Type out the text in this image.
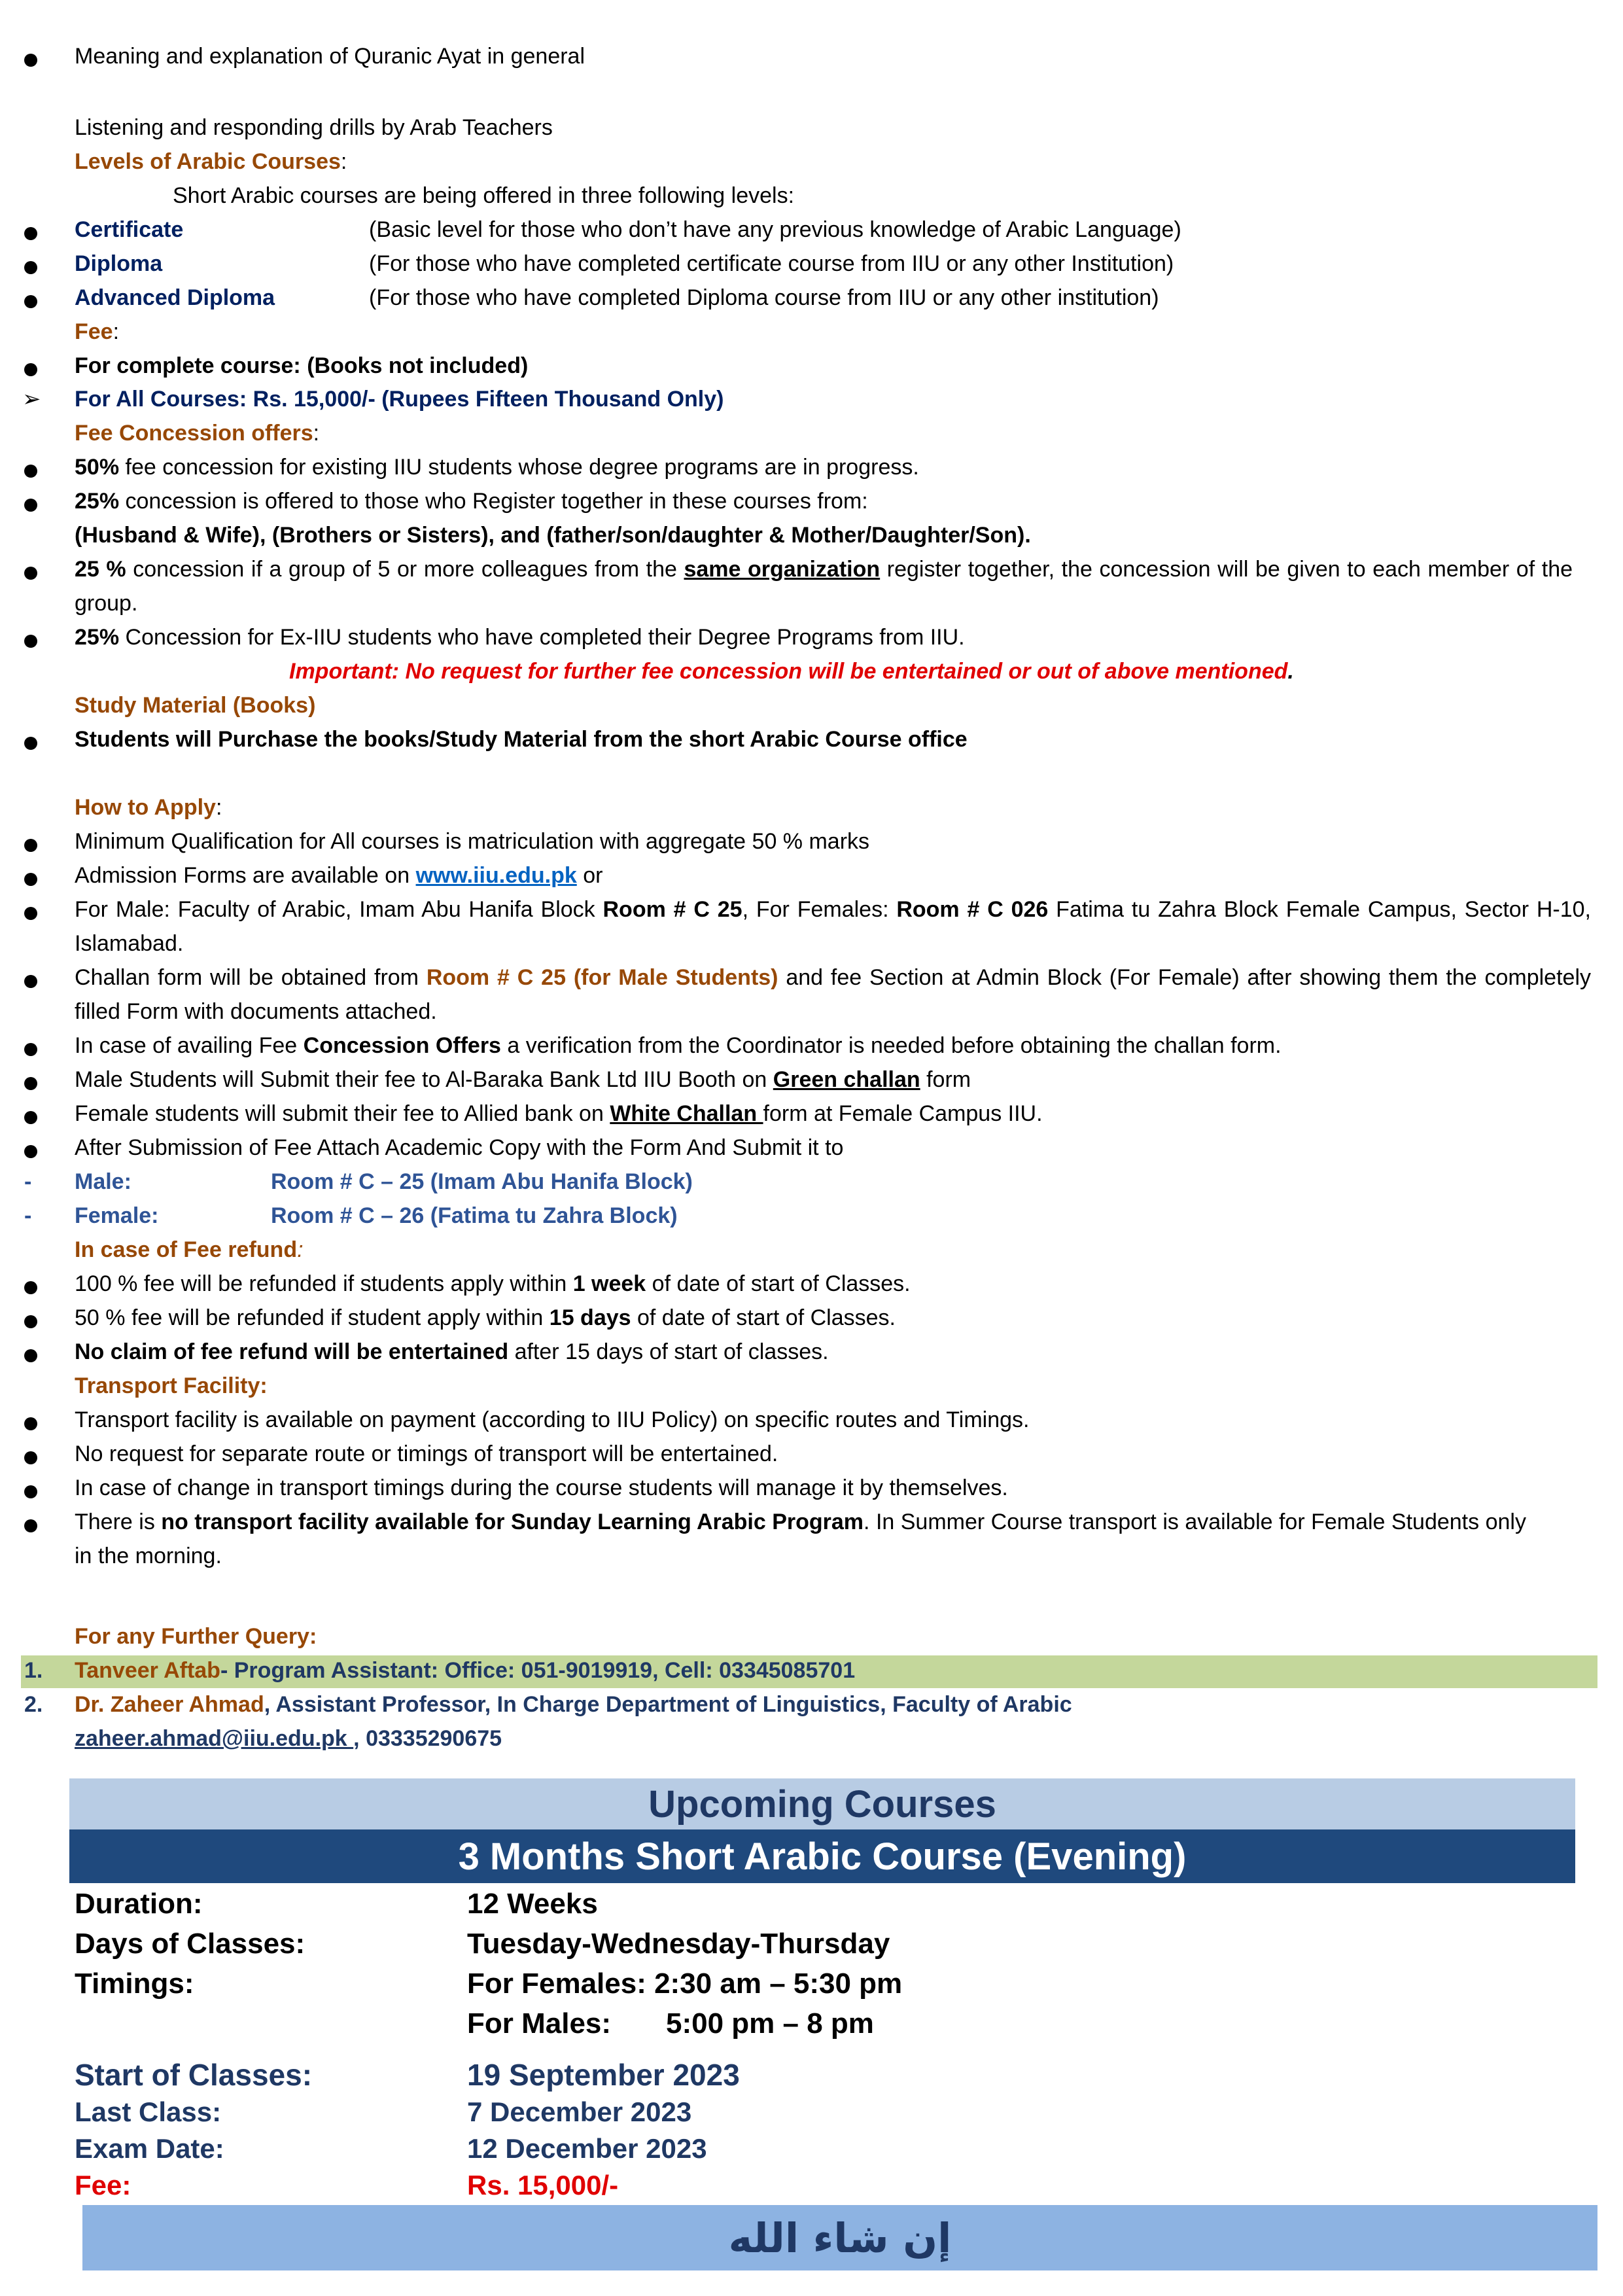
Meaning and explanation of Quranic Ayat in general
Listening and responding drills by Arab Teachers
Levels of Arabic Courses:
Short Arabic courses are being offered in three following levels:
Certificate	(Basic level for those who don’t have any previous knowledge of Arabic Language)
Diploma	(For those who have completed certificate course from IIU or any other Institution)
Advanced Diploma	(For those who have completed Diploma course from IIU or any other institution)
Fee:
For complete course: (Books not included)
➢ For All Courses: Rs. 15,000/- (Rupees Fifteen Thousand Only)
Fee Concession offers:
50% fee concession for existing IIU students whose degree programs are in progress.
25% concession is offered to those who Register together in these courses from:
(Husband & Wife), (Brothers or Sisters), and (father/son/daughter & Mother/Daughter/Son).
25 % concession if a group of 5 or more colleagues from the same organization register together, the concession will be given to each member of the group.
25% Concession for Ex-IIU students who have completed their Degree Programs from IIU.
Important: No request for further fee concession will be entertained or out of above mentioned.
Study Material (Books)
Students will Purchase the books/Study Material from the short Arabic Course office
How to Apply:
Minimum Qualification for All courses is matriculation with aggregate 50 % marks
Admission Forms are available on www.iiu.edu.pk or
For Male: Faculty of Arabic, Imam Abu Hanifa Block Room # C 25, For Females: Room # C 026 Fatima tu Zahra Block Female Campus, Sector H-10, Islamabad.
Challan form will be obtained from Room # C 25 (for Male Students) and fee Section at Admin Block (For Female) after showing them the completely filled Form with documents attached.
In case of availing Fee Concession Offers a verification from the Coordinator is needed before obtaining the challan form.
Male Students will Submit their fee to Al-Baraka Bank Ltd IIU Booth on Green challan form
Female students will submit their fee to Allied bank on White Challan form at Female Campus IIU.
After Submission of Fee Attach Academic Copy with the Form And Submit it to
- Male:	Room # C – 25 (Imam Abu Hanifa Block)
- Female:	Room # C – 26 (Fatima tu Zahra Block)
In case of Fee refund:
100 % fee will be refunded if students apply within 1 week of date of start of Classes.
50 % fee will be refunded if student apply within 15 days of date of start of Classes.
No claim of fee refund will be entertained after 15 days of start of classes.
Transport Facility:
Transport facility is available on payment (according to IIU Policy) on specific routes and Timings.
No request for separate route or timings of transport will be entertained.
In case of change in transport timings during the course students will manage it by themselves.
There is no transport facility available for Sunday Learning Arabic Program. In Summer Course transport is available for Female Students only in the morning.
For any Further Query:
1. Tanveer Aftab- Program Assistant: Office: 051-9019919, Cell: 03345085701
2. Dr. Zaheer Ahmad, Assistant Professor, In Charge Department of Linguistics, Faculty of Arabic
zaheer.ahmad@iiu.edu.pk , 03335290675
Upcoming Courses
3 Months Short Arabic Course (Evening)
Duration:	12 Weeks
Days of Classes:	Tuesday-Wednesday-Thursday
Timings:	For Females: 2:30 am – 5:30 pm
For Males: 5:00 pm – 8 pm
Start of Classes:	19 September 2023
Last Class:	7 December 2023
Exam Date:	12 December 2023
Fee:	Rs. 15,000/-
إن شاء الله
